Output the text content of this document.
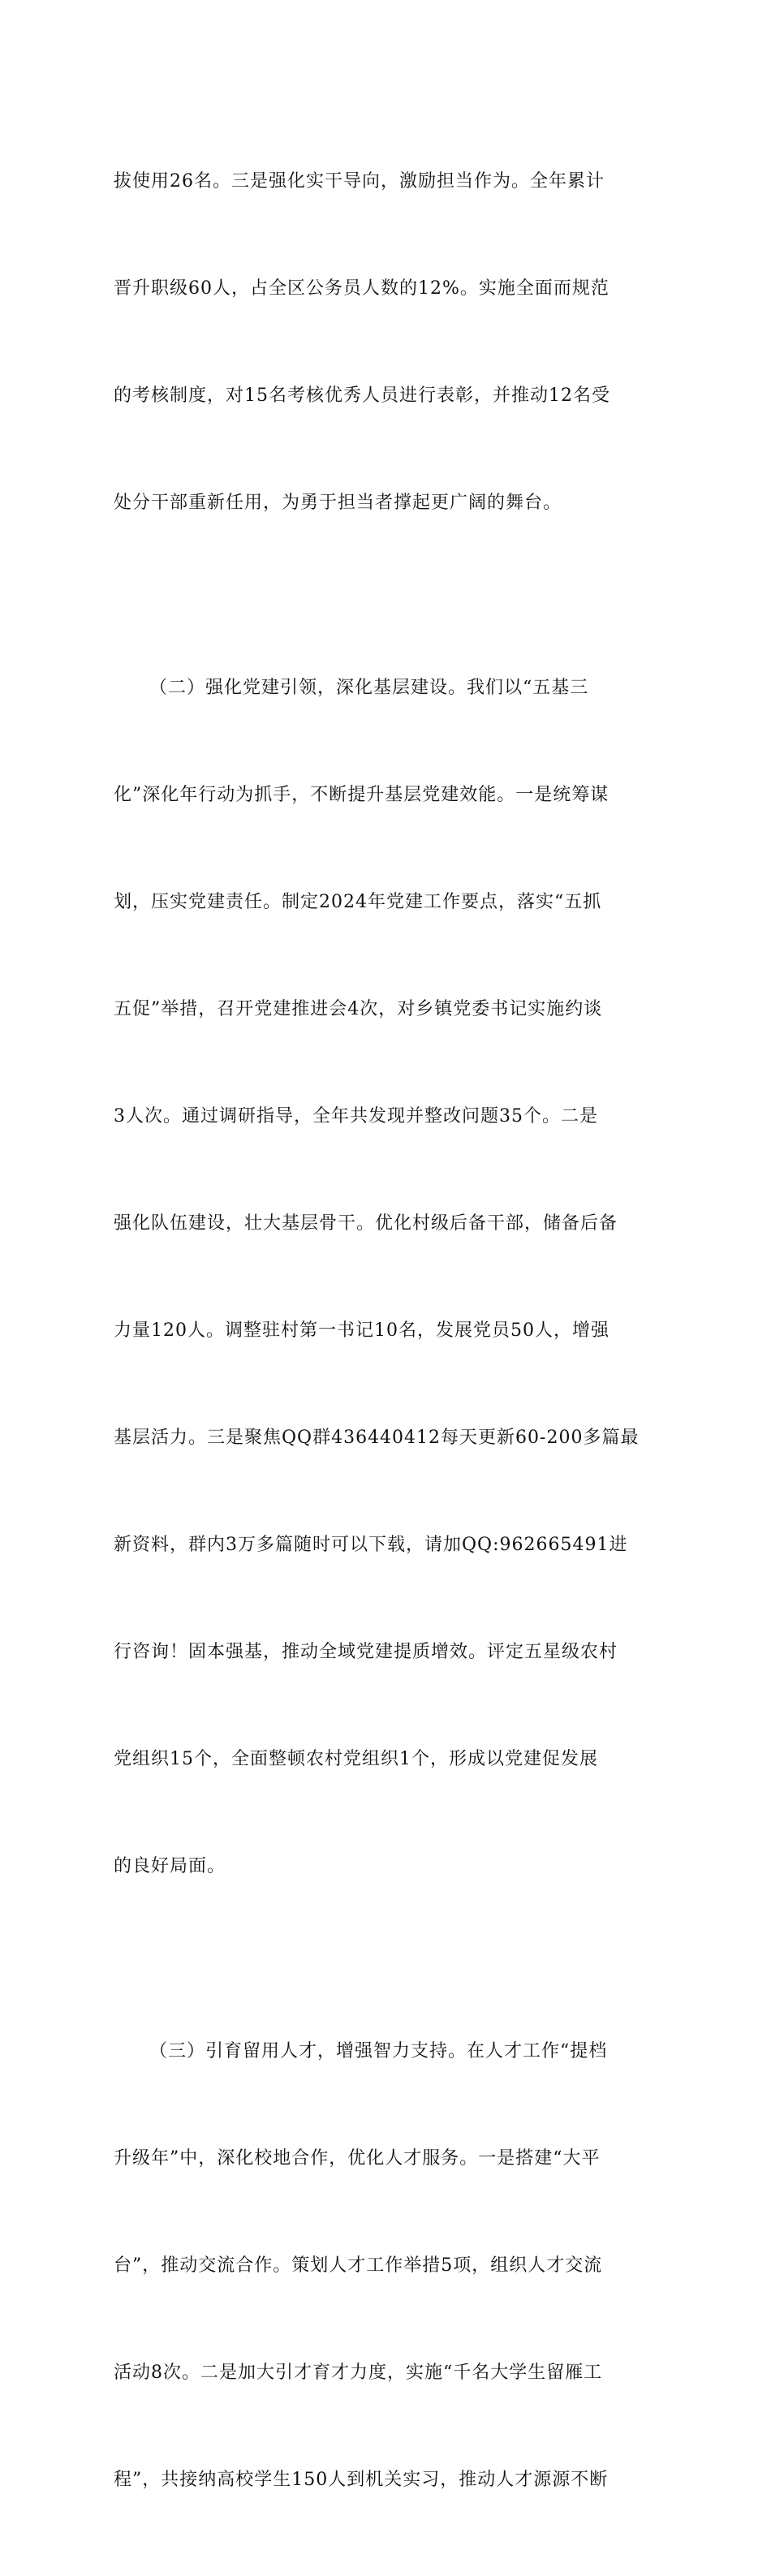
拔使用26名。三是强化实干导向，激励担当作为。全年累计

晋升职级60人，占全区公务员人数的12%。实施全面而规范

的考核制度，对15名考核优秀人员进行表彰，并推动12名受

处分干部重新任用，为勇于担当者撑起更广阔的舞台。

（二）强化党建引领，深化基层建设。我们以“五基三

化”深化年行动为抓手，不断提升基层党建效能。一是统筹谋

划，压实党建责任。制定2024年党建工作要点，落实“五抓

五促”举措，召开党建推进会4次，对乡镇党委书记实施约谈

3人次。通过调研指导，全年共发现并整改问题35个。二是

强化队伍建设，壮大基层骨干。优化村级后备干部，储备后备

力量120人。调整驻村第一书记10名，发展党员50人，增强

基层活力。三是聚焦QQ群436440412每天更新60-200多篇最

新资料，群内3万多篇随时可以下载，请加QQ:962665491进

行咨询！固本强基，推动全域党建提质增效。评定五星级农村

党组织15个，全面整顿农村党组织1个，形成以党建促发展

的良好局面。

（三）引育留用人才，增强智力支持。在人才工作“提档

升级年”中，深化校地合作，优化人才服务。一是搭建“大平

台”，推动交流合作。策划人才工作举措5项，组织人才交流

活动8次。二是加大引才育才力度，实施“千名大学生留雁工

程”，共接纳高校学生150人到机关实习，推动人才源源不断
